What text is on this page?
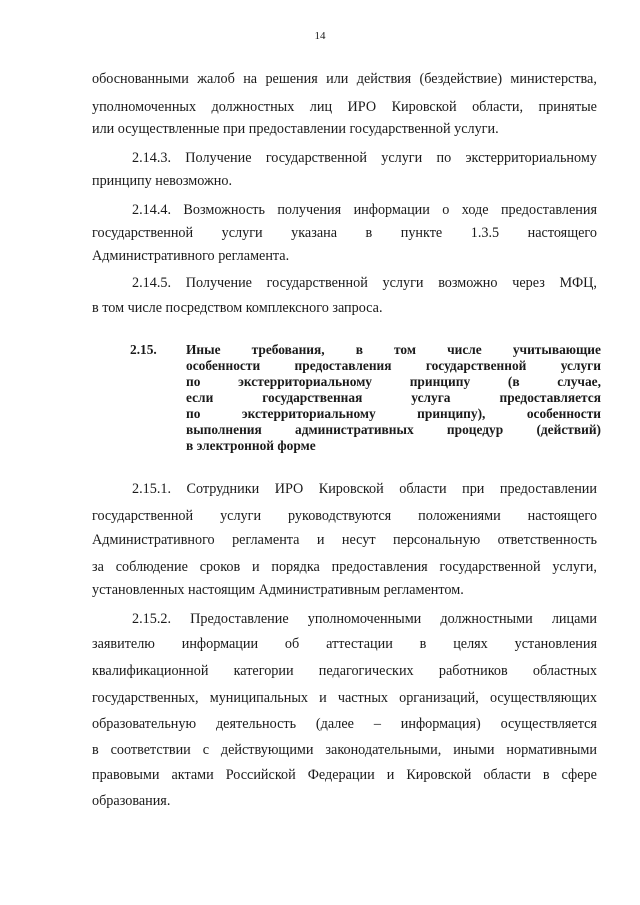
14
обоснованными жалоб на решения или действия (бездействие) министерства,
уполномоченных должностных лиц ИРО Кировской области, принятые
или осуществленные при предоставлении государственной услуги.
2.14.3. Получение государственной услуги по экстерриториальному
принципу невозможно.
2.14.4. Возможность получения информации о ходе предоставления
государственной услуги указана в пункте 1.3.5 настоящего
Административного регламента.
2.14.5. Получение государственной услуги возможно через МФЦ,
в том числе посредством комплексного запроса.
2.15. Иные требования, в том числе учитывающие
особенности	предоставления	государственной	услуги
по	экстерриториальному	принципу	(в	случае,
если	государственная	услуга	предоставляется
по	экстерриториальному	принципу),	особенности
выполнения административных процедур (действий)
в электронной форме
2.15.1. Сотрудники ИРО Кировской области при предоставлении
государственной услуги руководствуются положениями настоящего
Административного регламента и несут персональную ответственность
за соблюдение сроков и порядка предоставления государственной услуги,
установленных настоящим Административным регламентом.
2.15.2. Предоставление уполномоченными должностными лицами
заявителю информации об аттестации в целях установления
квалификационной категории педагогических работников областных
государственных, муниципальных и частных организаций, осуществляющих
образовательную деятельность (далее – информация) осуществляется
в соответствии с действующими законодательными, иными нормативными
правовыми актами Российской Федерации и Кировской области в сфере
образования.
